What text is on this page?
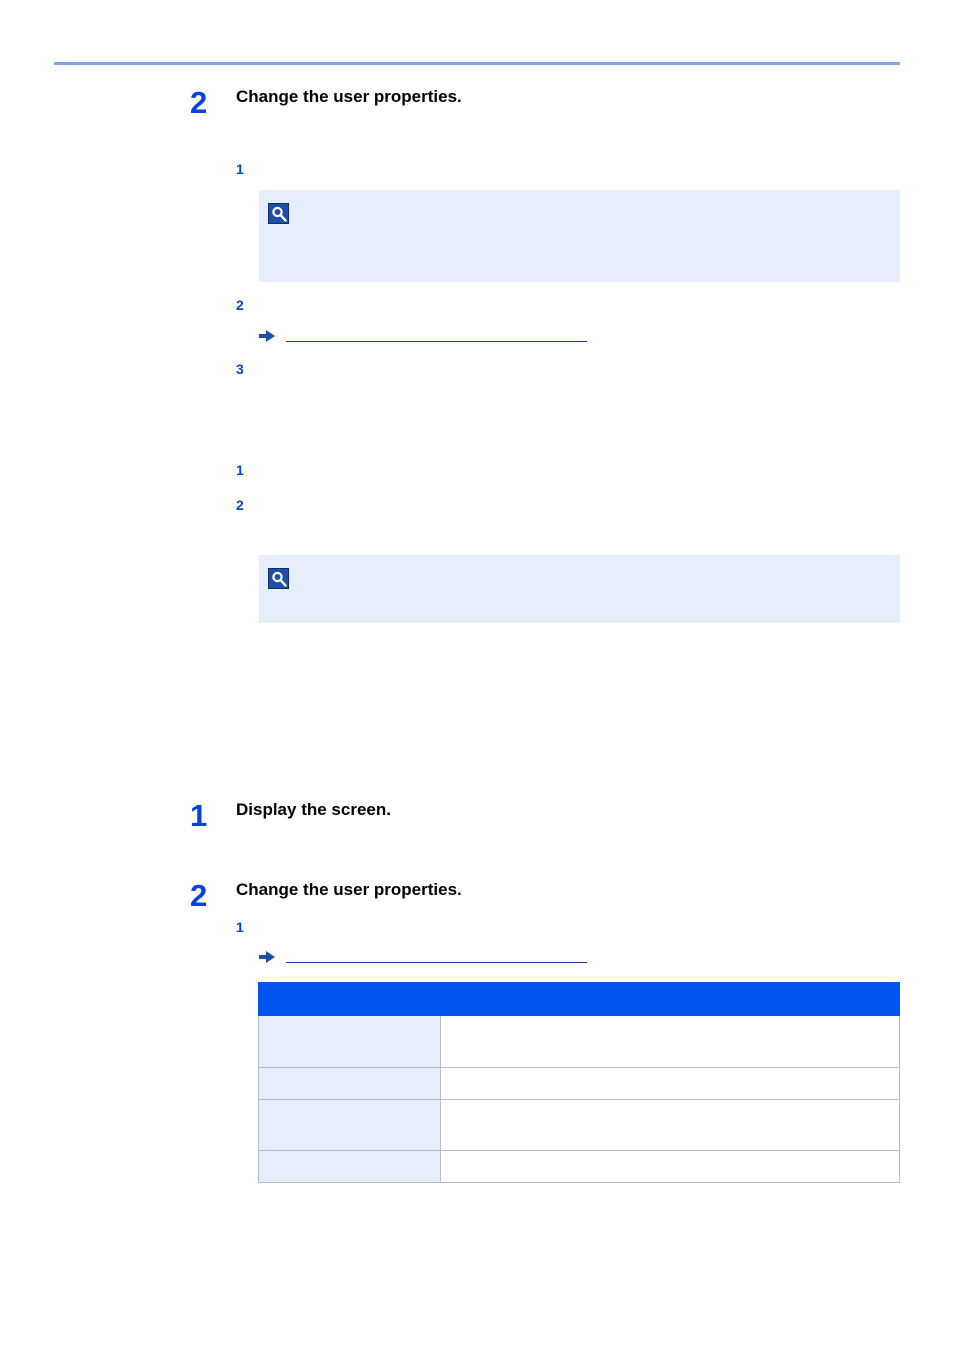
2 Change the user properties.
1
2
3
1
2
1 Display the screen.
2 Change the user properties.
1
